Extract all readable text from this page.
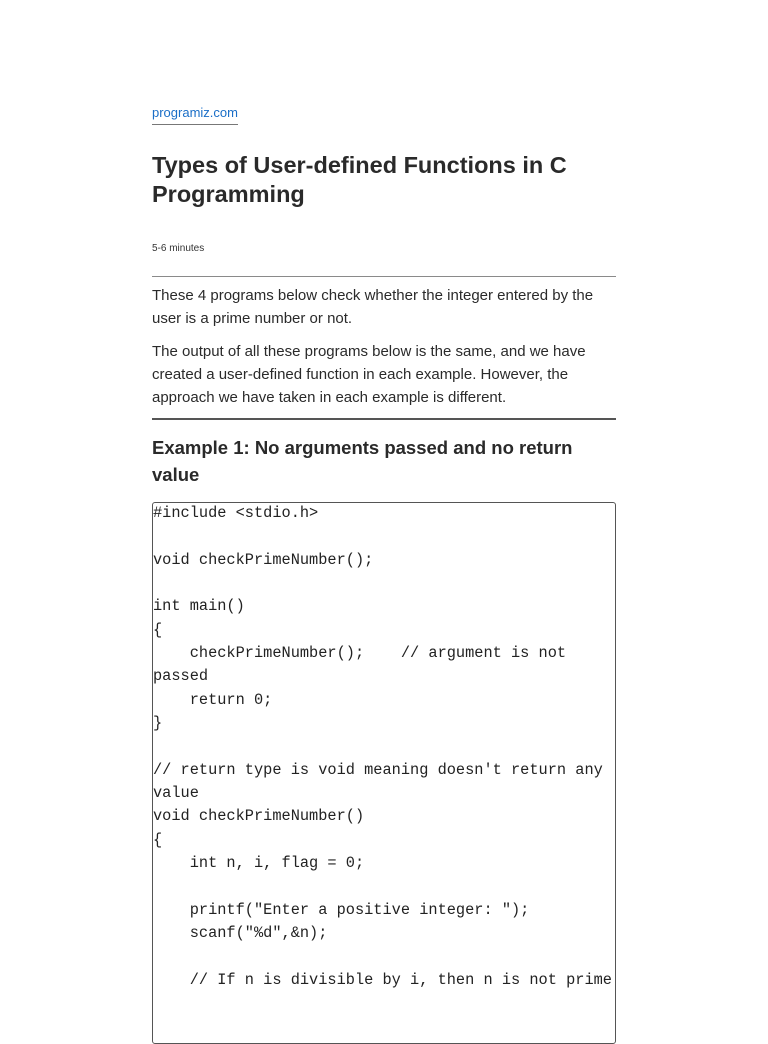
programiz.com
Types of User-defined Functions in C Programming
5-6 minutes

These 4 programs below check whether the integer entered by the user is a prime number or not.

The output of all these programs below is the same, and we have created a user-defined function in each example. However, the approach we have taken in each example is different.

Example 1: No arguments passed and no return value
#include <stdio.h>

void checkPrimeNumber();

int main()
{
checkPrimeNumber();    // argument is not passed
return 0;
}

// return type is void meaning doesn't return any value
void checkPrimeNumber()
{
int n, i, flag = 0;

printf("Enter a positive integer: ");
scanf("%d",&n);

// If n is divisible by i, then n is not prime
